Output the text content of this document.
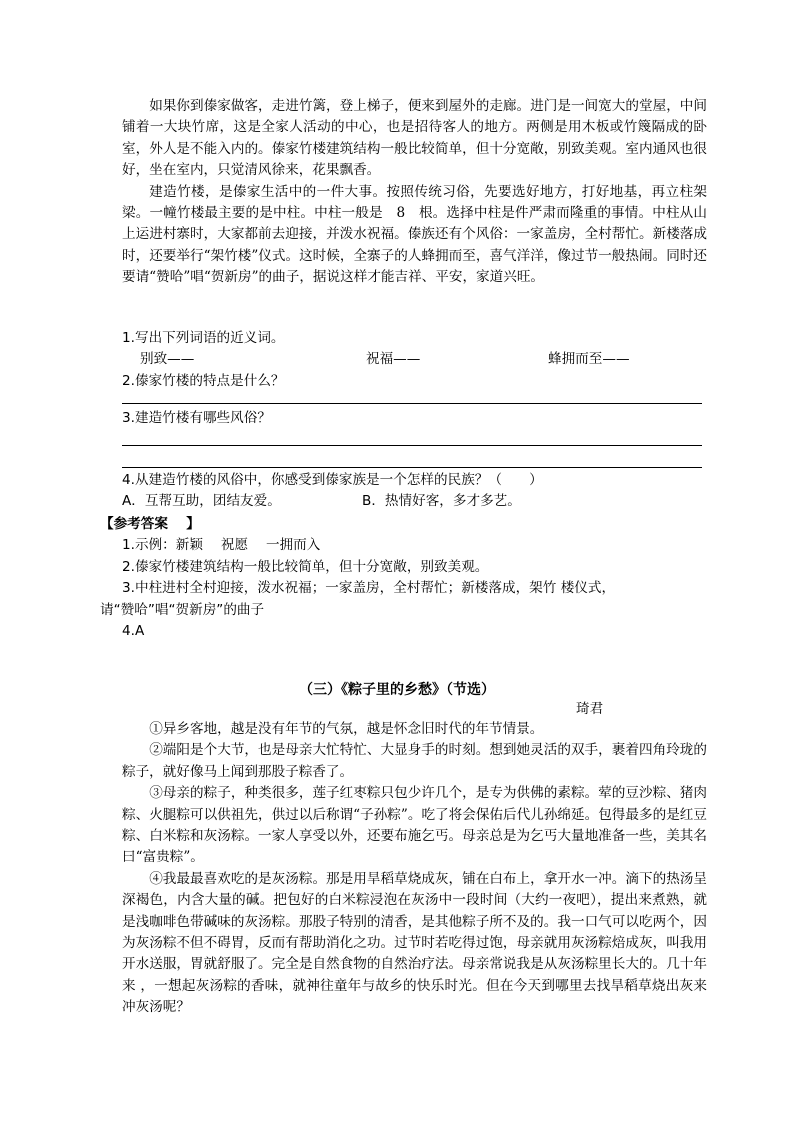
如果你到傣家做客，走进竹篱，登上梯子，便来到屋外的走廊。进门是一间宽大的堂屋，中间铺着一大块竹席，这是全家人活动的中心，也是招待客人的地方。两侧是用木板或竹篾隔成的卧室，外人是不能入内的。傣家竹楼建筑结构一般比较简单，但十分宽敞，别致美观。室内通风也很好，坐在室内，只觉清风徐来，花果飘香。

建造竹楼，是傣家生活中的一件大事。按照传统习俗，先要选好地方，打好地基，再立柱架梁。一幢竹楼最主要的是中柱。中柱一般是　8　根。选择中柱是件严肃而隆重的事情。中柱从山上运进村寨时，大家都前去迎接，并泼水祝福。傣族还有个风俗：一家盖房，全村帮忙。新楼落成时，还要举行“架竹楼”仪式。这时候，全寨子的人蜂拥而至，喜气洋洋，像过节一般热闹。同时还要请“赞哈”唱“贺新房”的曲子，据说这样才能吉祥、平安，家道兴旺。

1.写出下列词语的近义词。

别致——	祝福——	蜂拥而至——

2.傣家竹楼的特点是什么？

3.建造竹楼有哪些风俗？

4.从建造竹楼的风俗中，你感受到傣家族是一个怎样的民族？（　　）

A．互帮互助，团结友爱。	B．热情好客，多才多艺。

【参考答案　 】

1.示例：新颖　 祝愿　 一拥而入

2.傣家竹楼建筑结构一般比较简单，但十分宽敞，别致美观。

3.中柱进村全村迎接，泼水祝福；一家盖房，全村帮忙；新楼落成，架竹 楼仪式，

请“赞哈”唱“贺新房”的曲子

4.A

（三）《粽子里的乡愁》（节选）
琦君

①异乡客地，越是没有年节的气氛，越是怀念旧时代的年节情景。

②端阳是个大节，也是母亲大忙特忙、大显身手的时刻。想到她灵活的双手，裹着四角玲珑的粽子，就好像马上闻到那股子粽香了。

③母亲的粽子，种类很多，莲子红枣粽只包少许几个，是专为供佛的素粽。荤的豆沙粽、猪肉粽、火腿粽可以供祖先，供过以后称谓“子孙粽”。吃了将会保佑后代儿孙绵延。包得最多的是红豆粽、白米粽和灰汤粽。一家人享受以外，还要布施乞丐。母亲总是为乞丐大量地准备一些，美其名曰“富贵粽”。

④我最最喜欢吃的是灰汤粽。那是用旱稻草烧成灰，铺在白布上，拿开水一冲。滴下的热汤呈深褐色，内含大量的碱。把包好的白米粽浸泡在灰汤中一段时间（大约一夜吧），提出来煮熟，就是浅咖啡色带碱味的灰汤粽。那股子特别的清香，是其他粽子所不及的。我一口气可以吃两个，因为灰汤粽不但不碍胃，反而有帮助消化之功。过节时若吃得过饱，母亲就用灰汤粽焙成灰，叫我用开水送服，胃就舒服了。完全是自然食物的自然治疗法。母亲常说我是从灰汤粽里长大的。几十年来 ，一想起灰汤粽的香味，就神往童年与故乡的快乐时光。但在今天到哪里去找旱稻草烧出灰来冲灰汤呢？
